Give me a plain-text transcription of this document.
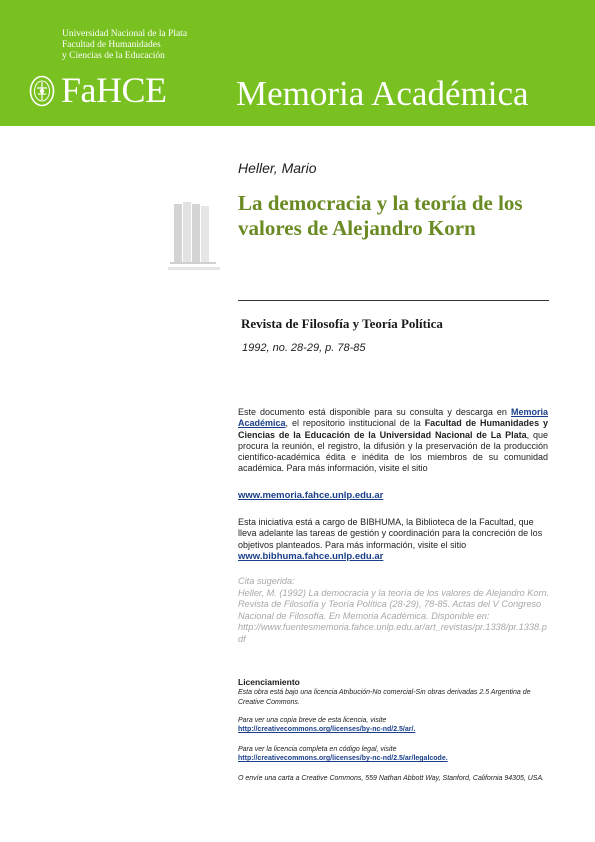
Universidad Nacional de la Plata
Facultad de Humanidades
y Ciencias de la Educación
FaHCE Memoria Académica
Heller, Mario
La democracia y la teoría de los valores de Alejandro Korn
Revista de Filosofía y Teoría Política
1992, no. 28-29, p. 78-85

Este documento está disponible para su consulta y descarga en Memoria Académica, el repositorio institucional de la Facultad de Humanidades y Ciencias de la Educación de la Universidad Nacional de La Plata, que procura la reunión, el registro, la difusión y la preservación de la producción científico-académica édita e inédita de los miembros de su comunidad académica. Para más información, visite el sitio

www.memoria.fahce.unlp.edu.ar

Esta iniciativa está a cargo de BIBHUMA, la Biblioteca de la Facultad, que lleva adelante las tareas de gestión y coordinación para la concreción de los objetivos planteados. Para más información, visite el sitio

www.bibhuma.fahce.unlp.edu.ar
Cita sugerida:
Heller, M. (1992) La democracia y la teoría de los valores de Alejandro Korn. Revista de Filosofía y Teoría Política (28-29), 78-85. Actas del V Congreso Nacional de Filosofía. En Memoria Académica. Disponible en:
http://www.fuentesmemoria.fahce.unlp.edu.ar/art_revistas/pr.1338/pr.1338.pdf
Licenciamiento

Esta obra está bajo una licencia Atribución-No comercial-Sin obras derivadas 2.5 Argentina de Creative Commons.

Para ver una copia breve de esta licencia, visite

http://creativecommons.org/licenses/by-nc-nd/2.5/ar/.

Para ver la licencia completa en código legal, visite

http://creativecommons.org/licenses/by-nc-nd/2.5/ar/legalcode.

O envíe una carta a Creative Commons, 559 Nathan Abbott Way, Stanford, California 94305, USA.
